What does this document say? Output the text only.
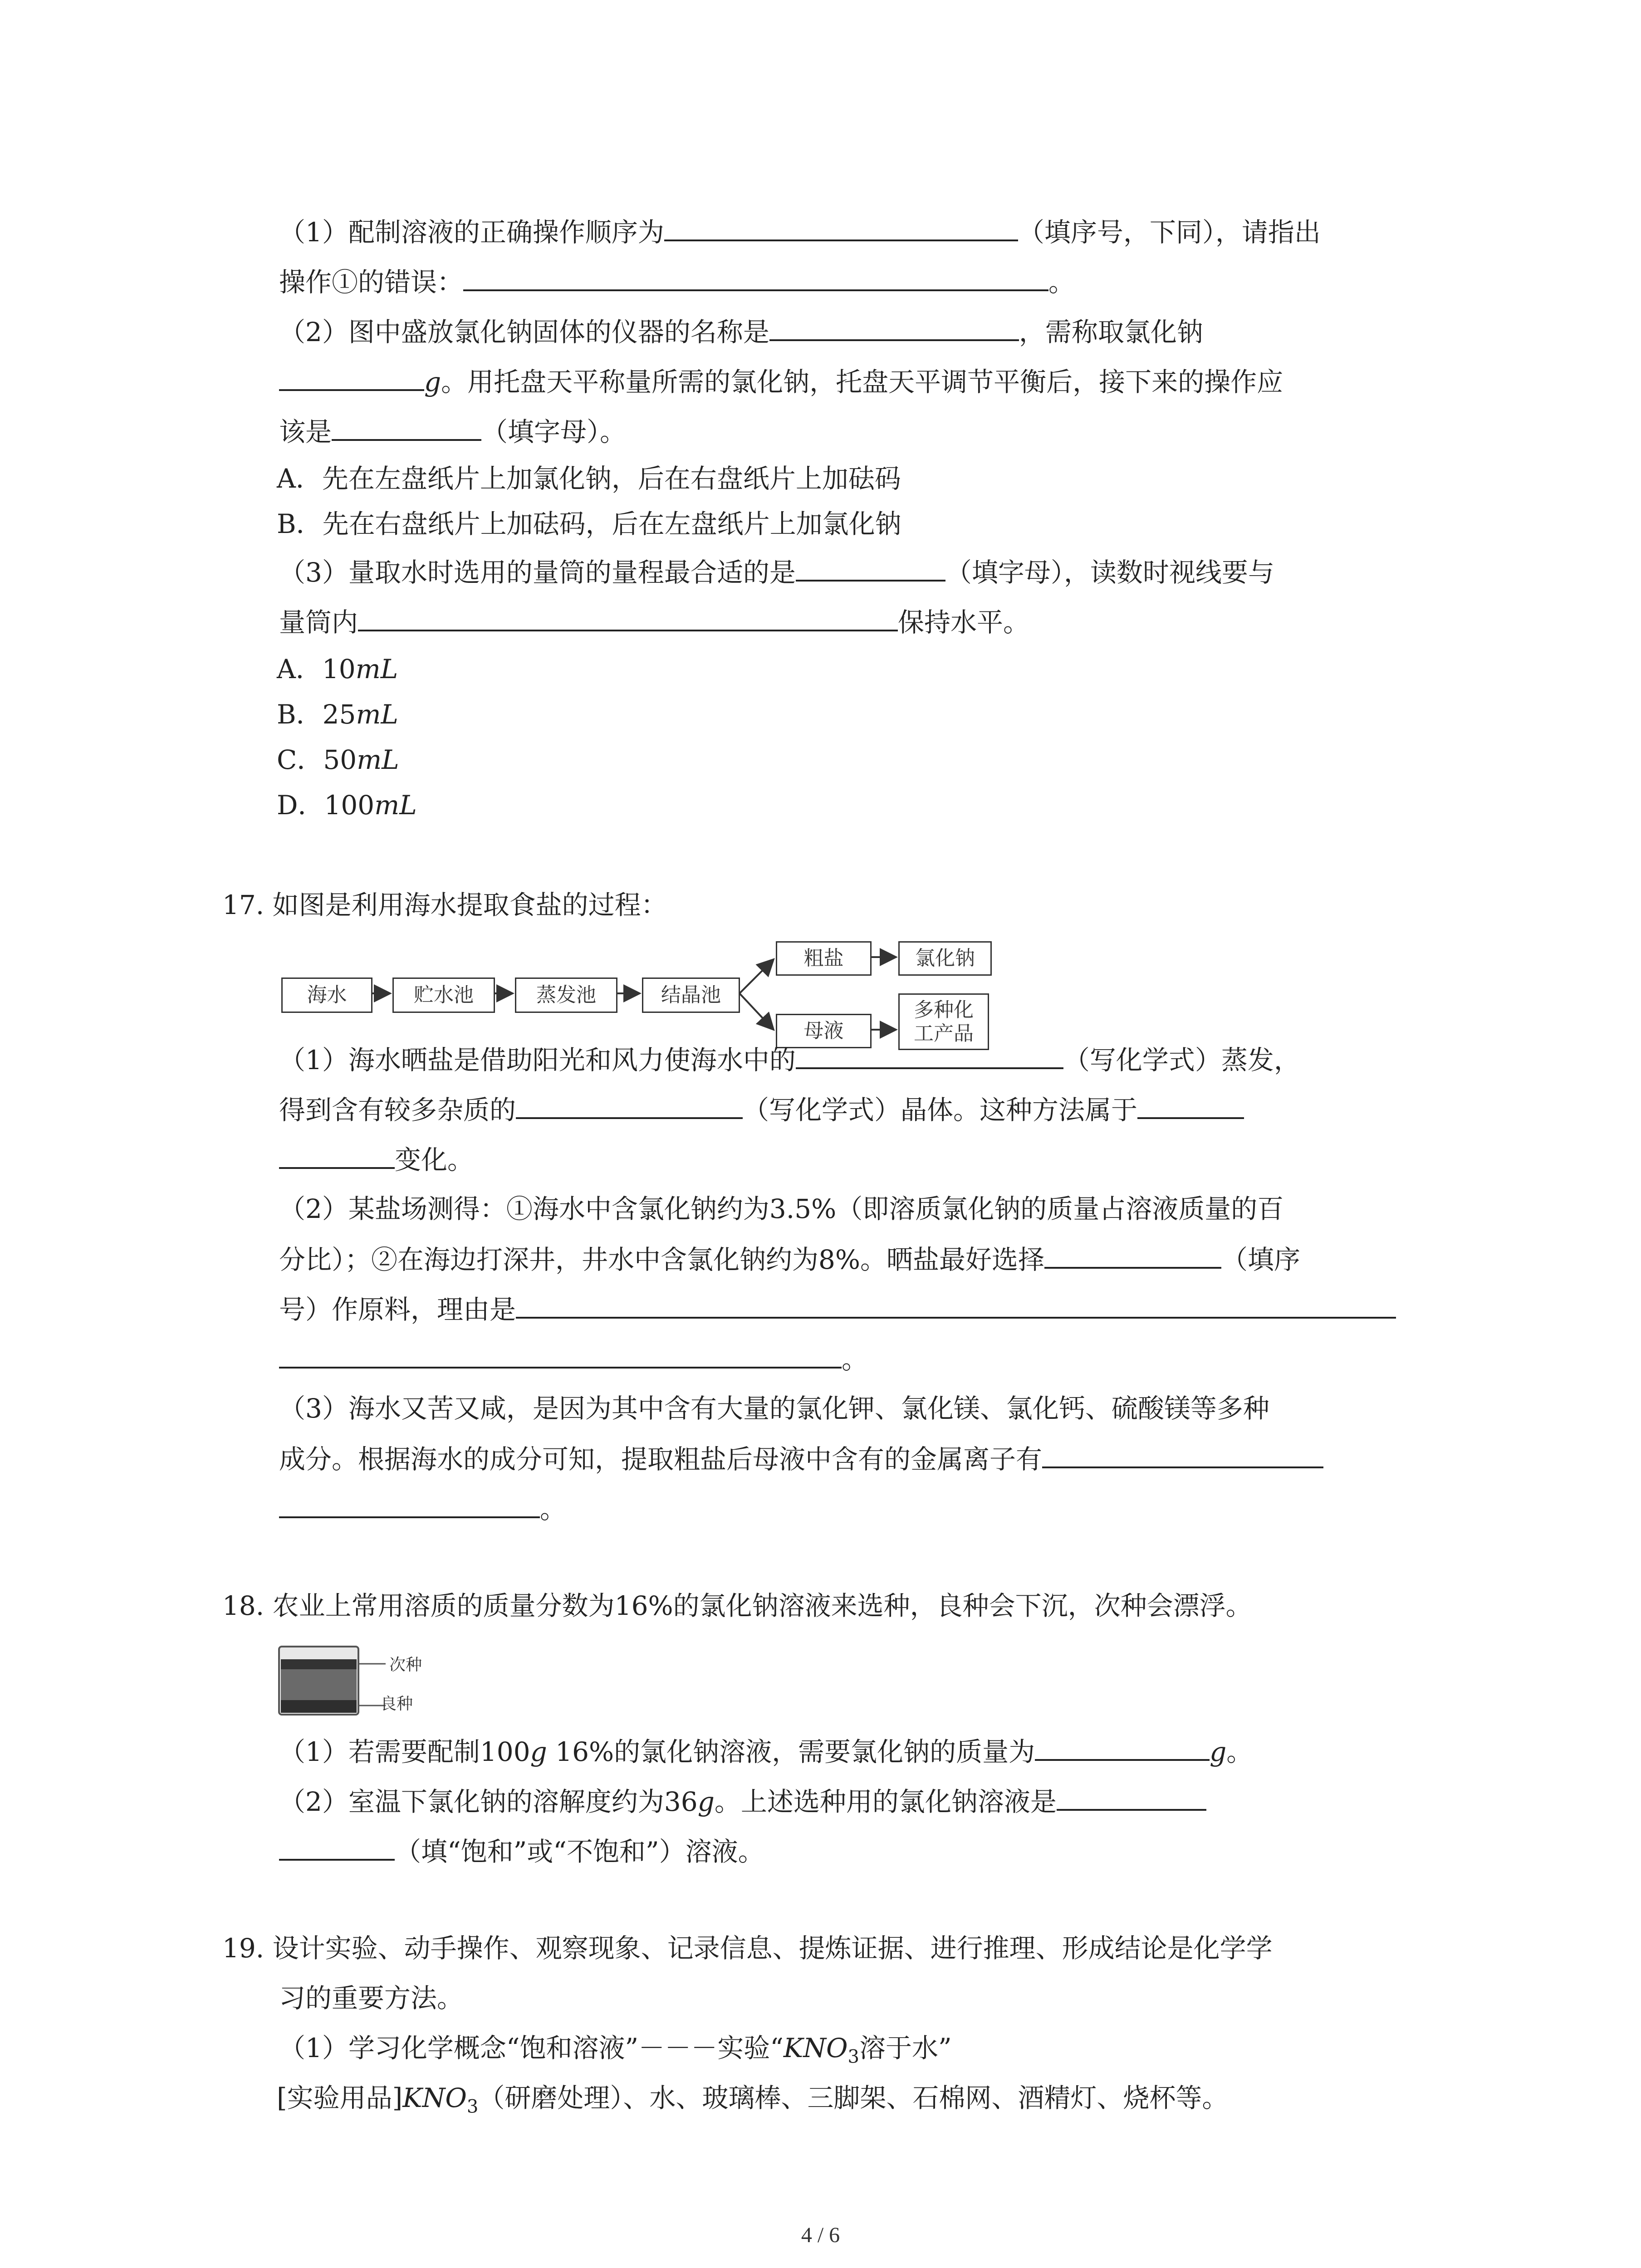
（1）配制溶液的正确操作顺序为	（填序号，下同），请指出
操作①的错误：	。
（2）图中盛放氯化钠固体的仪器的名称是	，需称取氯化钠
g。用托盘天平称量所需的氯化钠，托盘天平调节平衡后，接下来的操作应
该是	（填字母）。
A．先在左盘纸片上加氯化钠，后在右盘纸片上加砝码
B．先在右盘纸片上加砝码，后在左盘纸片上加氯化钠
（3）量取水时选用的量筒的量程最合适的是	（填字母），读数时视线要与
量筒内	保持水平。
A．10mL
B．25mL
C．50mL
D．100mL
17. 如图是利用海水提取食盐的过程：
海水	贮水池	蒸发池	结晶池
粗盐
母液
氯化钠
多种化工产品
（1）海水晒盐是借助阳光和风力使海水中的	（写化学式）蒸发，
得到含有较多杂质的	（写化学式）晶体。这种方法属于
变化。
（2）某盐场测得：①海水中含氯化钠约为3.5%（即溶质氯化钠的质量占溶液质量的百
分比）；②在海边打深井，井水中含氯化钠约为8%。晒盐最好选择	（填序
号）作原料，理由是
。
（3）海水又苦又咸，是因为其中含有大量的氯化钾、氯化镁、氯化钙、硫酸镁等多种
成分。根据海水的成分可知，提取粗盐后母液中含有的金属离子有
。
18. 农业上常用溶质的质量分数为16%的氯化钠溶液来选种，良种会下沉，次种会漂浮。
次种
良种
（1）若需要配制100g 16%的氯化钠溶液，需要氯化钠的质量为	g。
（2）室温下氯化钠的溶解度约为36g。上述选种用的氯化钠溶液是
（填“饱和”或“不饱和”）溶液。
19. 设计实验、动手操作、观察现象、记录信息、提炼证据、进行推理、形成结论是化学学
习的重要方法。
（1）学习化学概念“饱和溶液”－－－实验“$KNO_3$溶于水”
[实验用品]$KNO_3$（研磨处理）、水、玻璃棒、三脚架、石棉网、酒精灯、烧杯等。
4 / 6
